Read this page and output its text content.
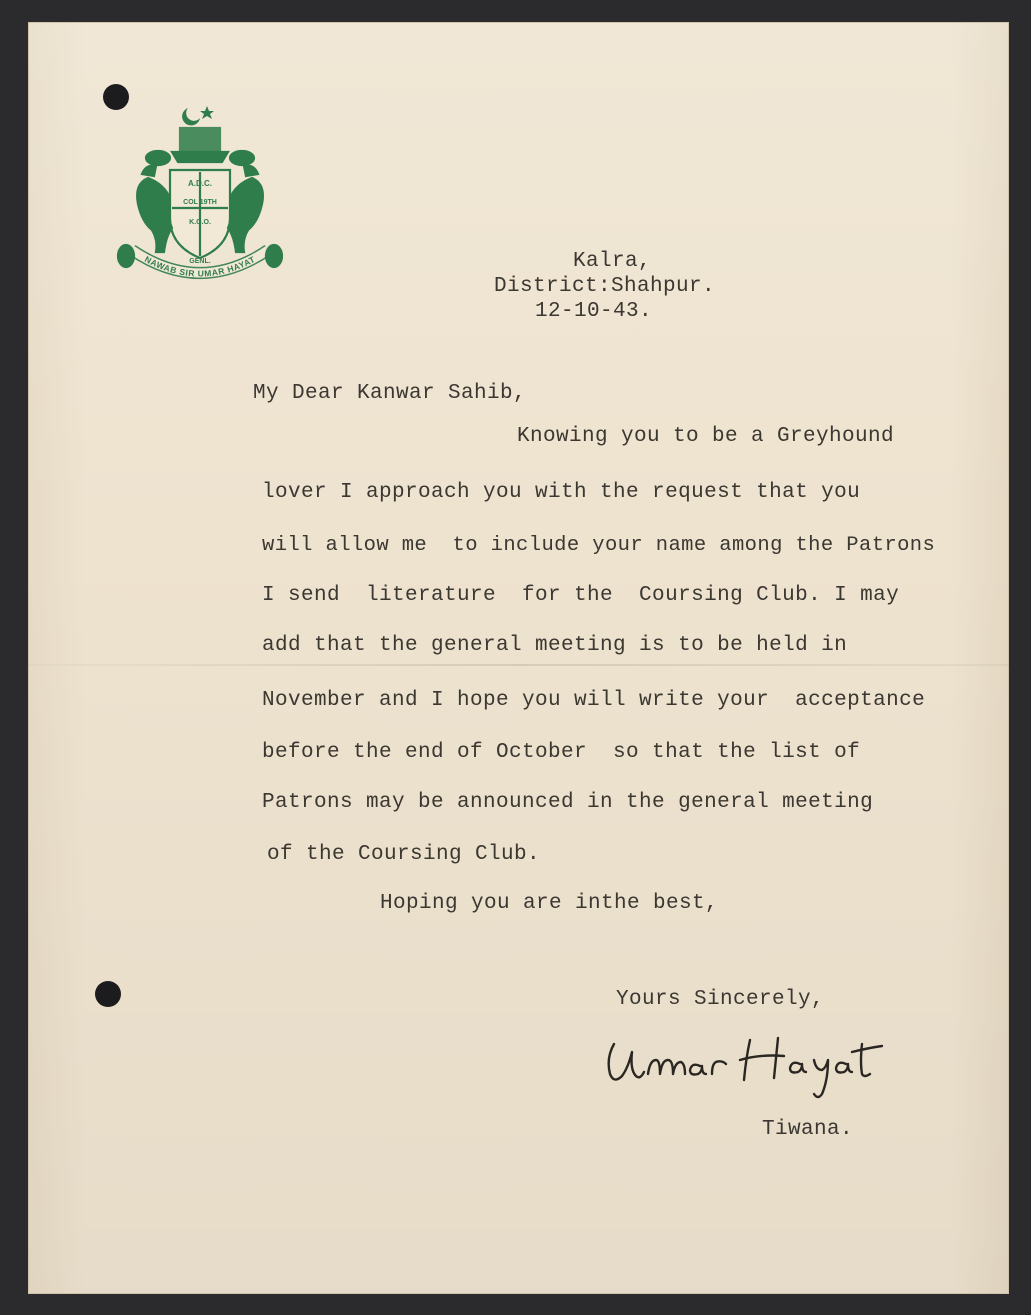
A.D.C.
COL 19TH
K.G.O.
GENL.
NAWAB SIR UMAR HAYAT	Kalra,
District:Shahpur.
12-10-43.
My Dear Kanwar Sahib,
Knowing you to be a Greyhound
lover I approach you with the request that you
will allow me  to include your name among the Patrons
I send  literature  for the  Coursing Club. I may
add that the general meeting is to be held in
November and I hope you will write your  acceptance
before the end of October  so that the list of
Patrons may be announced in the general meeting
of the Coursing Club.
Hoping you are inthe best,
Yours Sincerely,
Tiwana.
